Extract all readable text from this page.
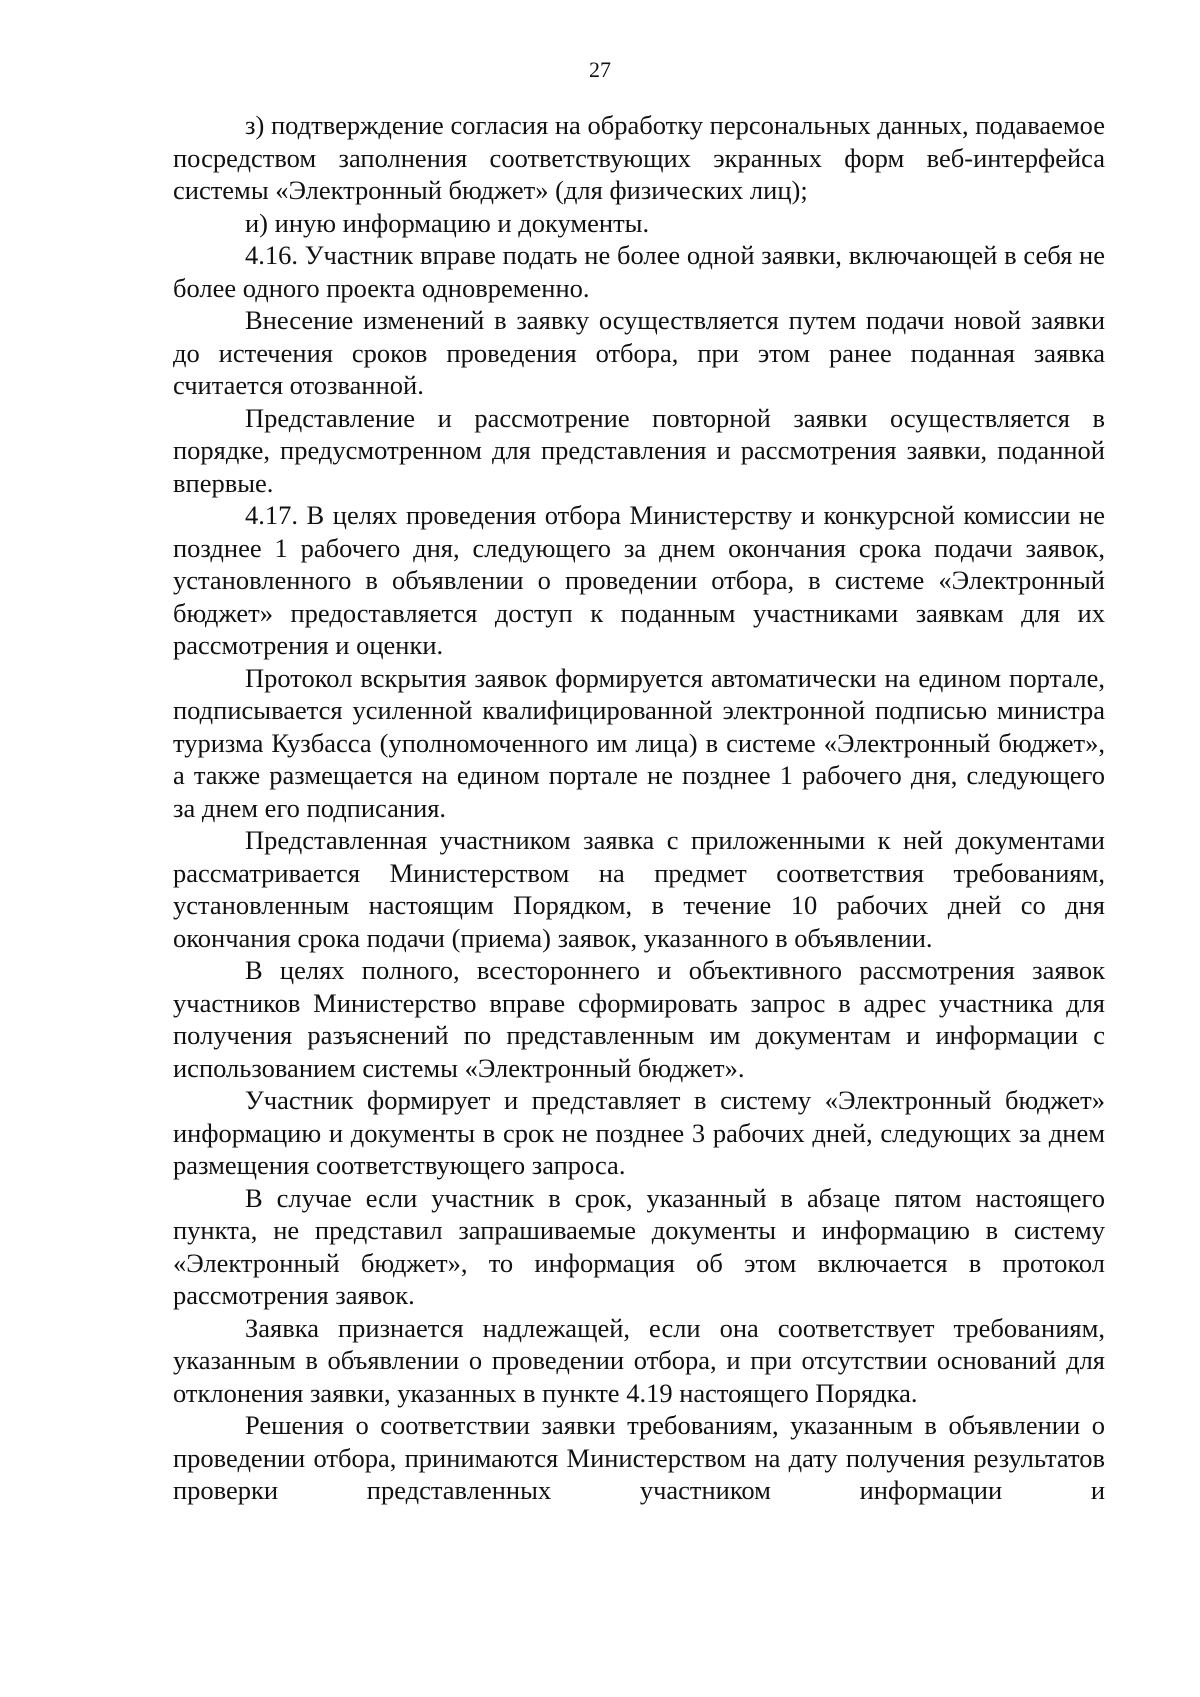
27

з) подтверждение согласия на обработку персональных данных, подаваемое посредством заполнения соответствующих экранных форм веб-интерфейса системы «Электронный бюджет» (для физических лиц);

и) иную информацию и документы.

4.16. Участник вправе подать не более одной заявки, включающей в себя не более одного проекта одновременно.

Внесение изменений в заявку осуществляется путем подачи новой заявки до истечения сроков проведения отбора, при этом ранее поданная заявка считается отозванной.

Представление и рассмотрение повторной заявки осуществляется в порядке, предусмотренном для представления и рассмотрения заявки, поданной впервые.

4.17. В целях проведения отбора Министерству и конкурсной комиссии не позднее 1 рабочего дня, следующего за днем окончания срока подачи заявок, установленного в объявлении о проведении отбора, в системе «Электронный бюджет» предоставляется доступ к поданным участниками заявкам для их рассмотрения и оценки.

Протокол вскрытия заявок формируется автоматически на едином портале, подписывается усиленной квалифицированной электронной подписью министра туризма Кузбасса (уполномоченного им лица) в системе «Электронный бюджет», а также размещается на едином портале не позднее 1 рабочего дня, следующего за днем его подписания.

Представленная участником заявка с приложенными к ней документами рассматривается Министерством на предмет соответствия требованиям, установленным настоящим Порядком, в течение 10 рабочих дней со дня окончания срока подачи (приема) заявок, указанного в объявлении.

В целях полного, всестороннего и объективного рассмотрения заявок участников Министерство вправе сформировать запрос в адрес участника для получения разъяснений по представленным им документам и информации с использованием системы «Электронный бюджет».

Участник формирует и представляет в систему «Электронный бюджет» информацию и документы в срок не позднее 3 рабочих дней, следующих за днем размещения соответствующего запроса.

В случае если участник в срок, указанный в абзаце пятом настоящего пункта, не представил запрашиваемые документы и информацию в систему «Электронный бюджет», то информация об этом включается в протокол рассмотрения заявок.

Заявка признается надлежащей, если она соответствует требованиям, указанным в объявлении о проведении отбора, и при отсутствии оснований для отклонения заявки, указанных в пункте 4.19 настоящего Порядка.

Решения о соответствии заявки требованиям, указанным в объявлении о проведении отбора, принимаются Министерством на дату получения результатов проверки представленных участником информации и
